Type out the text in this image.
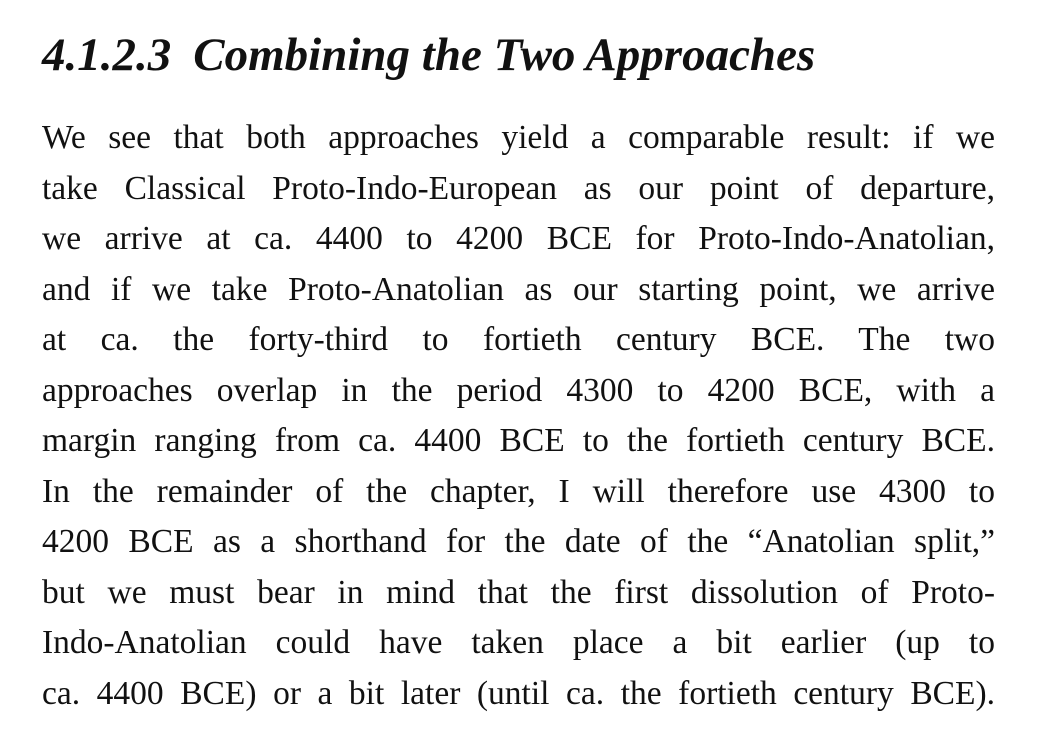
4.1.2.3 Combining the Two Approaches
We see that both approaches yield a comparable result: if we
take Classical Proto-Indo-European as our point of departure,
we arrive at ca. 4400 to 4200 BCE for Proto-Indo-Anatolian,
and if we take Proto-Anatolian as our starting point, we arrive
at ca. the forty-third to fortieth century BCE. The two
approaches overlap in the period 4300 to 4200 BCE, with a
margin ranging from ca. 4400 BCE to the fortieth century BCE.
In the remainder of the chapter, I will therefore use 4300 to
4200 BCE as a shorthand for the date of the “Anatolian split,”
but we must bear in mind that the first dissolution of Proto-
Indo-Anatolian could have taken place a bit earlier (up to
ca. 4400 BCE) or a bit later (until ca. the fortieth century BCE).
